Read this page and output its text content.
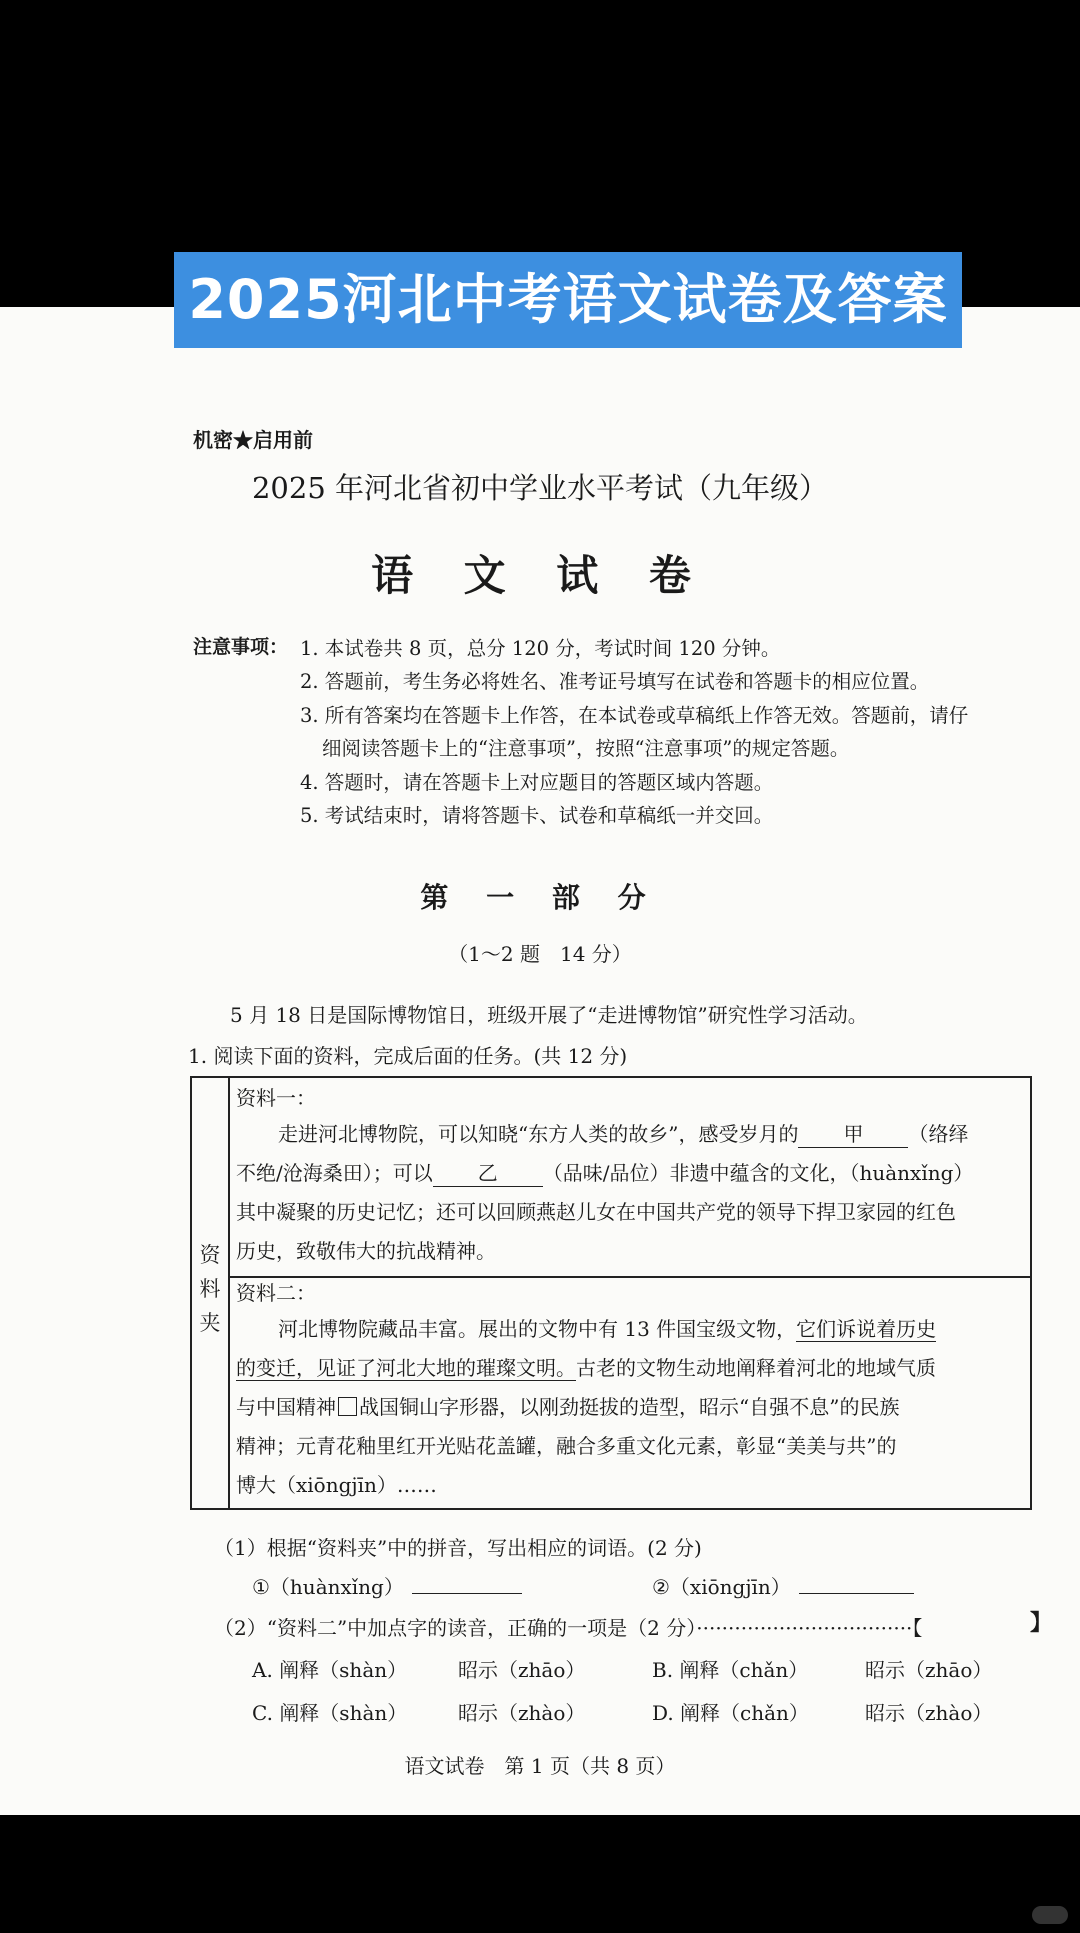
2025河北中考语文试卷及答案
机密★启用前
2025 年河北省初中学业水平考试（九年级）
语 文 试 卷
注意事项： 1. 本试卷共 8 页，总分 120 分，考试时间 120 分钟。
2. 答题前，考生务必将姓名、准考证号填写在试卷和答题卡的相应位置。
3. 所有答案均在答题卡上作答，在本试卷或草稿纸上作答无效。答题前，请仔
细阅读答题卡上的“注意事项”，按照“注意事项”的规定答题。
4. 答题时，请在答题卡上对应题目的答题区域内答题。
5. 考试结束时，请将答题卡、试卷和草稿纸一并交回。
第 一 部 分
（1～2 题　14 分）
5 月 18 日是国际博物馆日，班级开展了“走进博物馆”研究性学习活动。
1. 阅读下面的资料，完成后面的任务。(共 12 分)
资
料
夹
资料一：
走进河北博物院，可以知晓“东方人类的故乡”，感受岁月的 甲 （络绎
不绝/沧海桑田）；可以 乙 （品味/品位）非遗中蕴含的文化，（huànxǐng）
其中凝聚的历史记忆；还可以回顾燕赵儿女在中国共产党的领导下捍卫家园的红色
历史，致敬伟大的抗战精神。
资料二：
河北博物院藏品丰富。展出的文物中有 13 件国宝级文物，它们诉说着历史
的变迁，见证了河北大地的璀璨文明。古老的文物生动地阐释着河北的地域气质
与中国精神 战国铜山字形器，以刚劲挺拔的造型，昭示“自强不息”的民族
精神；元青花釉里红开光贴花盖罐，融合多重文化元素，彰显“美美与共”的
博大（xiōngjīn）……
（1）根据“资料夹”中的拼音，写出相应的词语。(2 分)
①（huànxǐng）	②（xiōngjīn）
（2）“资料二”中加点字的读音，正确的一项是（2 分）··································【	】
A. 阐释（shàn）	昭示（zhāo）	B. 阐释（chǎn）	昭示（zhāo）
C. 阐释（shàn）	昭示（zhào）	D. 阐释（chǎn）	昭示（zhào）
语文试卷　第 1 页（共 8 页）
